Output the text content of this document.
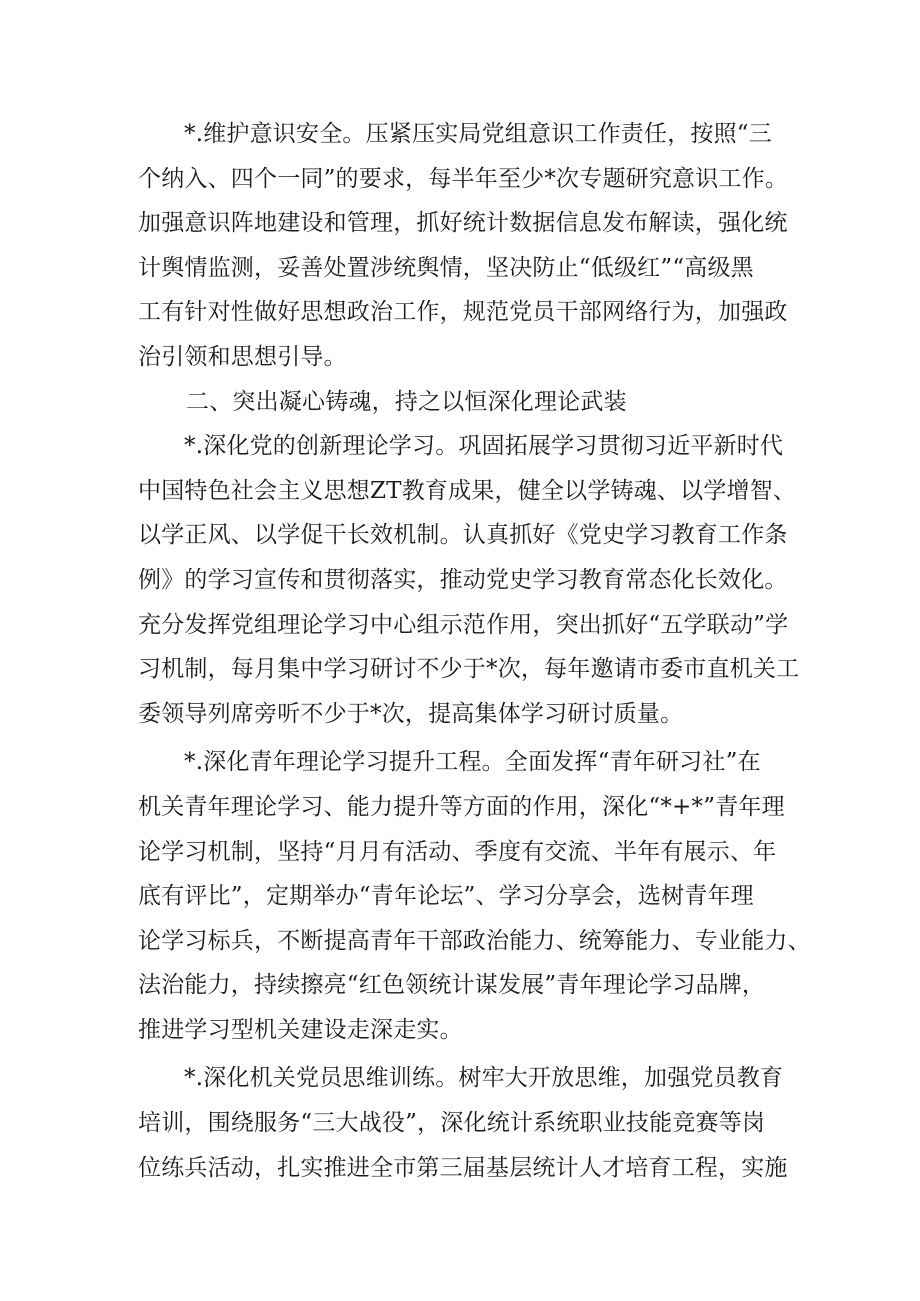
*.维护意识安全。压紧压实局党组意识工作责任，按照“三
个纳入、四个一同”的要求，每半年至少*次专题研究意识工作。
加强意识阵地建设和管理，抓好统计数据信息发布解读，强化统
计舆情监测，妥善处置涉统舆情，坚决防止“低级红”“高级黑
工有针对性做好思想政治工作，规范党员干部网络行为，加强政
治引领和思想引导。
二、突出凝心铸魂，持之以恒深化理论武装
*.深化党的创新理论学习。巩固拓展学习贯彻习近平新时代
中国特色社会主义思想ZT教育成果，健全以学铸魂、以学增智、
以学正风、以学促干长效机制。认真抓好《党史学习教育工作条
例》的学习宣传和贯彻落实，推动党史学习教育常态化长效化。
充分发挥党组理论学习中心组示范作用，突出抓好“五学联动”学
习机制，每月集中学习研讨不少于*次，每年邀请市委市直机关工
委领导列席旁听不少于*次，提高集体学习研讨质量。
*.深化青年理论学习提升工程。全面发挥“青年研习社”在
机关青年理论学习、能力提升等方面的作用，深化“*+*”青年理
论学习机制，坚持“月月有活动、季度有交流、半年有展示、年
底有评比”，定期举办“青年论坛”、学习分享会，选树青年理
论学习标兵，不断提高青年干部政治能力、统筹能力、专业能力、
法治能力，持续擦亮“红色领统计谋发展”青年理论学习品牌，
推进学习型机关建设走深走实。
*.深化机关党员思维训练。树牢大开放思维，加强党员教育
培训，围绕服务“三大战役”，深化统计系统职业技能竞赛等岗
位练兵活动，扎实推进全市第三届基层统计人才培育工程，实施
